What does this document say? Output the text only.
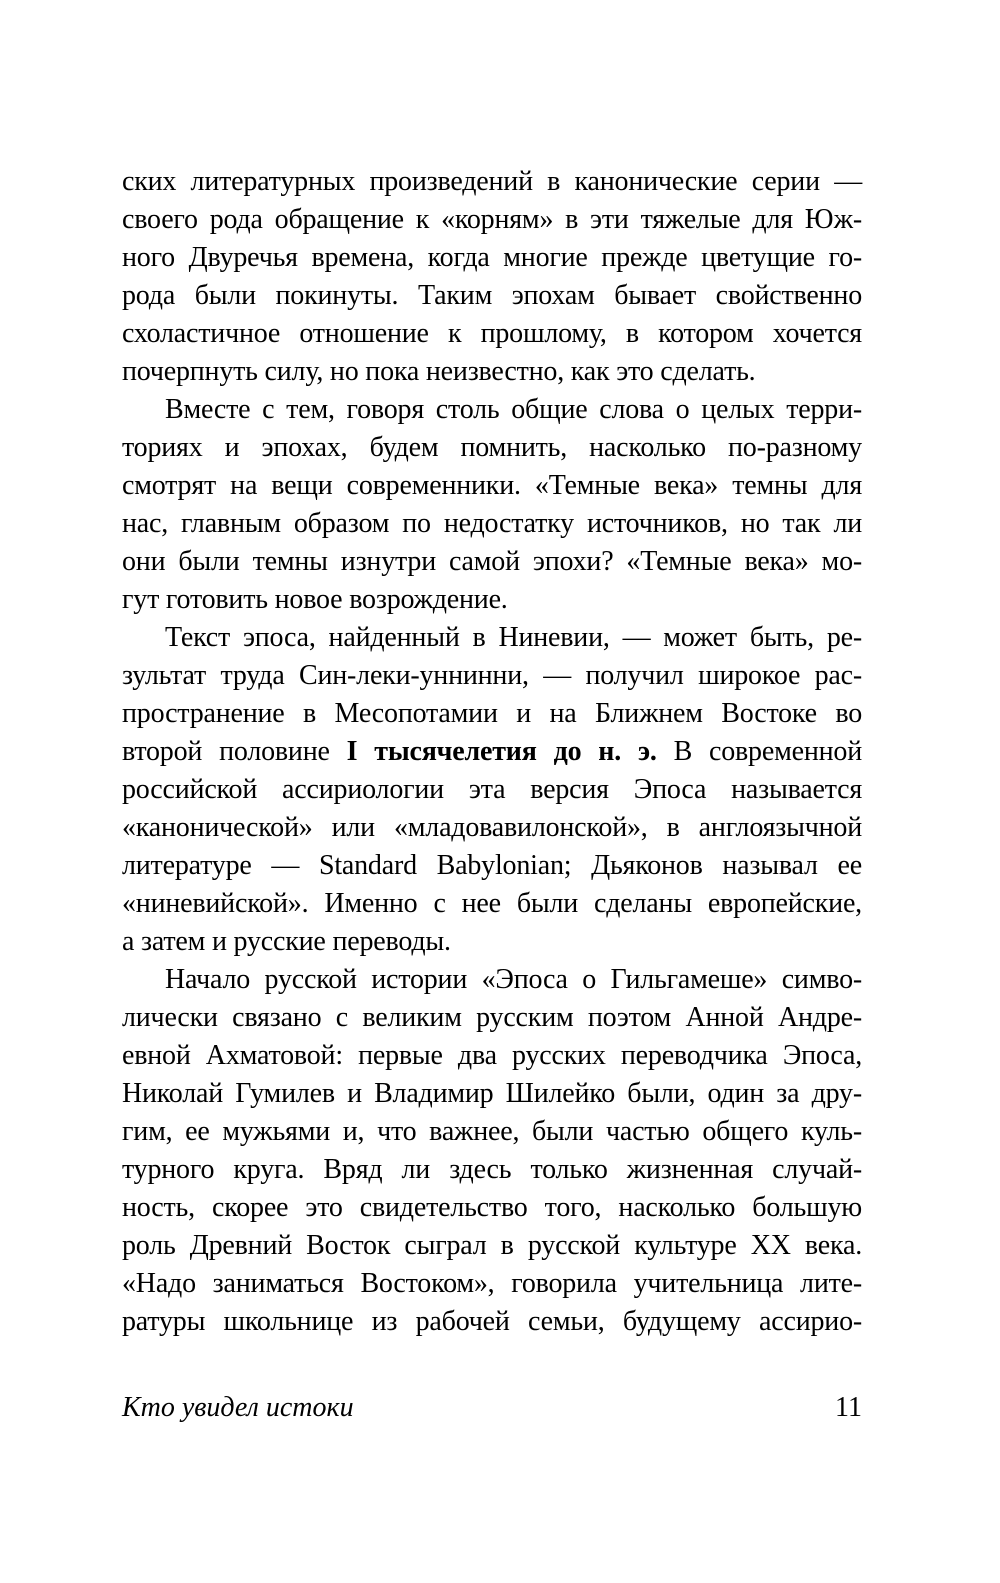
ских литературных произведений в канонические серии —
своего рода обращение к «корням» в эти тяжелые для Юж-
ного Двуречья времена, когда многие прежде цветущие го-
рода были покинуты. Таким эпохам бывает свойственно
схоластичное отношение к прошлому, в котором хочется
почерпнуть силу, но пока неизвестно, как это сделать.
Вместе с тем, говоря столь общие слова о целых терри-
ториях и эпохах, будем помнить, насколько по-разному
смотрят на вещи современники. «Темные века» темны для
нас, главным образом по недостатку источников, но так ли
они были темны изнутри самой эпохи? «Темные века» мо-
гут готовить новое возрождение.
Текст эпоса, найденный в Ниневии, — может быть, ре-
зультат труда Син-леки-уннинни, — получил широкое рас-
пространение в Месопотамии и на Ближнем Востоке во
второй половине I тысячелетия до н. э. В современной
российской ассириологии эта версия Эпоса называется
«канонической» или «младовавилонской», в англоязычной
литературе — Standard Babylonian; Дьяконов называл ее
«ниневийской». Именно с нее были сделаны европейские,
а затем и русские переводы.
Начало русской истории «Эпоса о Гильгамеше» симво-
лически связано с великим русским поэтом Анной Андре-
евной Ахматовой: первые два русских переводчика Эпоса,
Николай Гумилев и Владимир Шилейко были, один за дру-
гим, ее мужьями и, что важнее, были частью общего куль-
турного круга. Вряд ли здесь только жизненная случай-
ность, скорее это свидетельство того, насколько большую
роль Древний Восток сыграл в русской культуре XX века.
«Надо заниматься Востоком», говорила учительница лите-
ратуры школьнице из рабочей семьи, будущему ассирио-
Кто увидел истоки	11
